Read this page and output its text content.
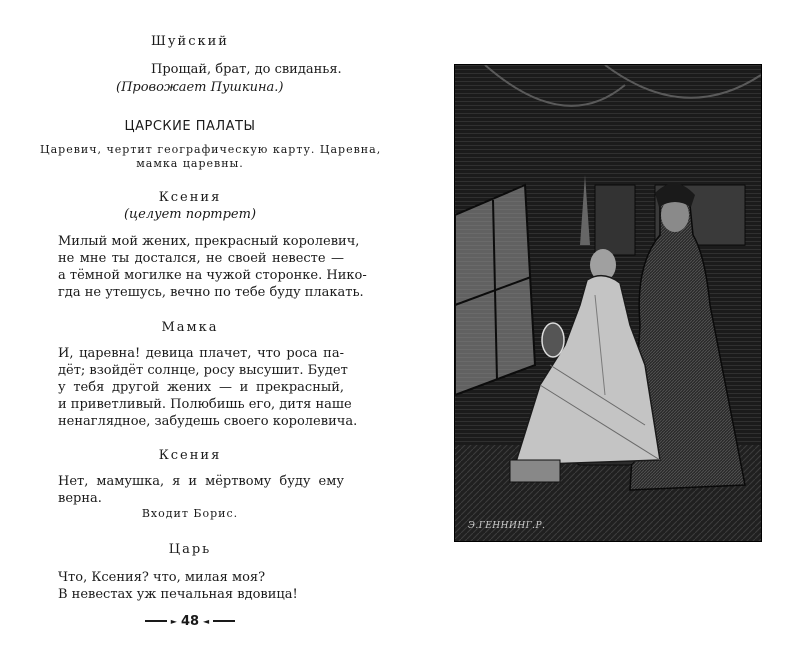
Шуйский

Прощай, брат, до свиданья.

(Провожает Пушкина.)

ЦАРСКИЕ ПАЛАТЫ

Царевич, чертит географическую карту. Царевна,

мамка царевны.

Ксения

(целует портрет)

Милый мой жених, прекрасный королевич,

не мне ты достался, не своей невесте —

а тёмной могилке на чужой сторонке. Нико-

гда не утешусь, вечно по тебе буду плакать.

Мамка

И, царевна! девица плачет, что роса па-

дёт; взойдёт солнце, росу высушит. Будет

у тебя другой жених — и прекрасный,

и приветливый. Полюбишь его, дитя наше

ненаглядное, забудешь своего королевича.

Ксения

Нет, мамушка, я и мёртвому буду ему

верна.

Входит Борис.

Царь

Что, Ксения? что, милая моя?

В невестах уж печальная вдовица!

► 48 ◄
Э.ГЕННИНГ.Р.
